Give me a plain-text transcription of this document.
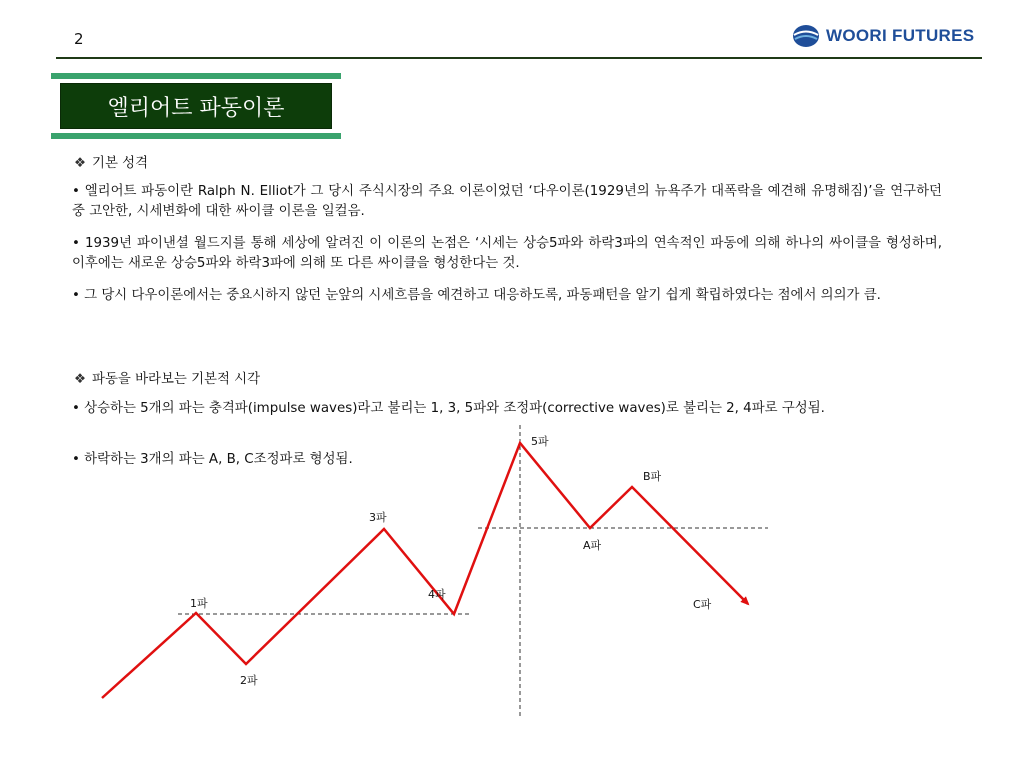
2	WOORI FUTURES
엘리어트 파동이론
❖ 기본 성격
• 엘리어트 파동이란 Ralph N. Elliot가 그 당시 주식시장의 주요 이론이었던 ‘다우이론(1929년의 뉴욕주가 대폭락을 예견해 유명해짐)’을 연구하던 중 고안한, 시세변화에 대한 싸이클 이론을 일컬음.
• 1939년 파이낸셜 월드지를 통해 세상에 알려진 이 이론의 논점은 ‘시세는 상승5파와 하락3파의 연속적인 파동에 의해 하나의 싸이클을 형성하며, 이후에는 새로운 상승5파와 하락3파에 의해 또 다른 싸이클을 형성한다는 것.
• 그 당시 다우이론에서는 중요시하지 않던 눈앞의 시세흐름을 예견하고 대응하도록, 파동패턴을 알기 쉽게 확립하였다는 점에서 의의가 큼.
❖ 파동을 바라보는 기본적 시각
• 상승하는 5개의 파는 충격파(impulse waves)라고 불리는 1, 3, 5파와 조정파(corrective waves)로 불리는 2, 4파로 구성됨.
• 하락하는 3개의 파는 A, B, C조정파로 형성됨.
1파
2파
3파
4파
5파
A파
B파
C파
